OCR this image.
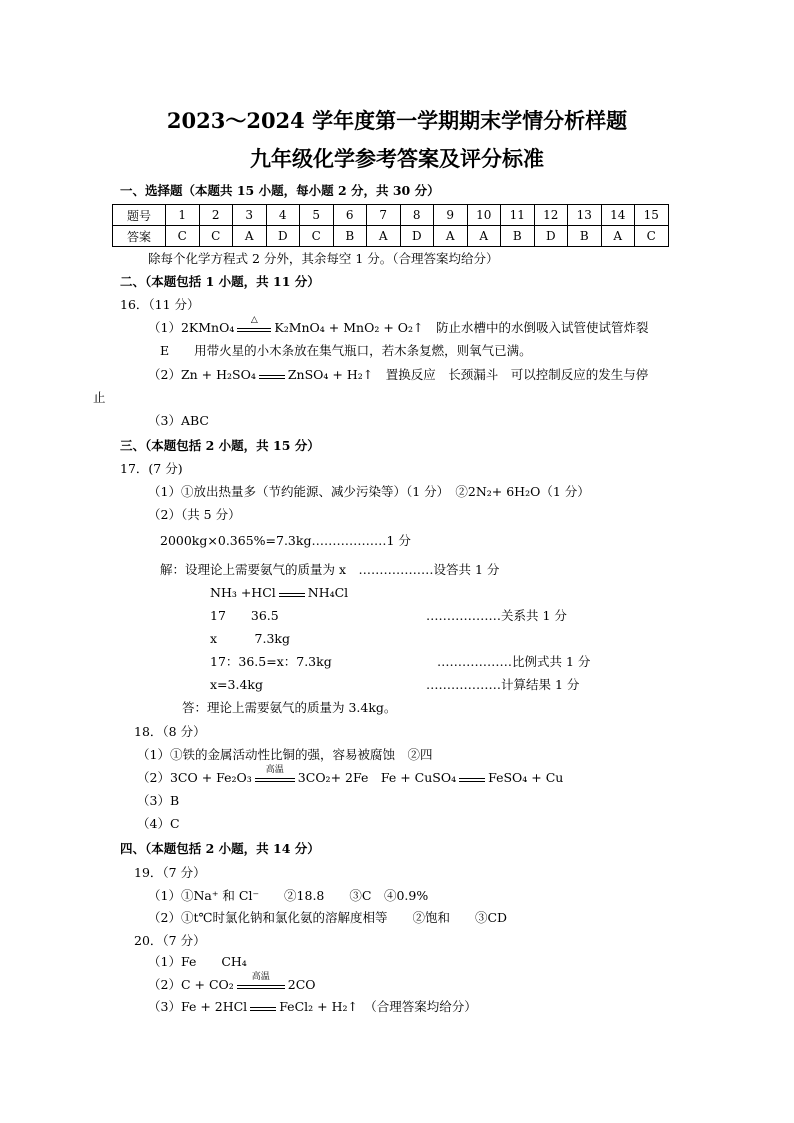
2023～2024 学年度第一学期期末学情分析样题
九年级化学参考答案及评分标准
一、选择题（本题共 15 小题，每小题 2 分，共 30 分）
题号	1	2	3	4	5	6	7	8	9	10	11	12	13	14	15
答案	C	C	A	D	C	B	A	D	A	A	B	D	B	A	C
除每个化学方程式 2 分外，其余每空 1 分。（合理答案均给分）
二、（本题包括 1 小题，共 11 分）
16．（11 分）
（1）2KMnO₄	△	K₂MnO₄ + MnO₂ + O₂↑　防止水槽中的水倒吸入试管使试管炸裂
E　　用带火星的小木条放在集气瓶口，若木条复燃，则氧气已满。
（2）Zn + H₂SO₄	ZnSO₄ + H₂↑　置换反应　长颈漏斗　可以控制反应的发生与停
止
（3）ABC
三、（本题包括 2 小题，共 15 分）
17．(7 分)
（1）①放出热量多（节约能源、减少污染等）（1 分）　②2N₂+ 6H₂O（1 分）
（2）（共 5 分）
2000kg×0.365%=7.3kg………………1 分
解：设理论上需要氨气的质量为 x　………………设答共 1 分
NH₃ +HCl	NH₄Cl
17　　36.5	………………关系共 1 分
x　　　7.3kg
17：36.5=x：7.3kg	………………比例式共 1 分
x=3.4kg	………………计算结果 1 分
答：理论上需要氨气的质量为 3.4kg。
18．（8 分）
（1）①铁的金属活动性比铜的强，容易被腐蚀　②四
（2）3CO + Fe₂O₃	高温	3CO₂+ 2Fe　Fe + CuSO₄	FeSO₄ + Cu
（3）B
（4）C
四、（本题包括 2 小题，共 14 分）
19．（7 分）
（1）①Na⁺ 和 Cl⁻　　②18.8　　③C　④0.9%
（2）①t℃时氯化钠和氯化氨的溶解度相等　　②饱和　　③CD
20．（7 分）
（1）Fe　　CH₄
（2）C + CO₂	高温	2CO
（3）Fe + 2HCl	FeCl₂ + H₂↑　（合理答案均给分）
